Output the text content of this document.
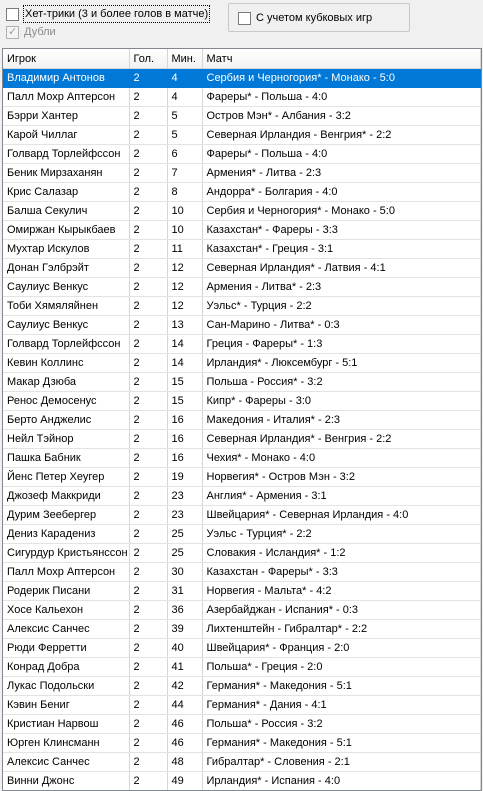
Хет-трики (3 и более голов в матче)
✓
Дубли
С учетом кубковых игр
Игрок	Гол.	Мин.	Матч
Владимир Антонов	2	4	Сербия и Черногория* - Монако - 5:0
Палл Мохр Аптерсон	2	4	Фареры* - Польша - 4:0
Бэрри Хантер	2	5	Остров Мэн* - Албания - 3:2
Карой Чиллаг	2	5	Северная Ирландия - Венгрия* - 2:2
Голвард Торлейфссон	2	6	Фареры* - Польша - 4:0
Беник Мирзаханян	2	7	Армения* - Литва - 2:3
Крис Салазар	2	8	Андорра* - Болгария - 4:0
Балша Секулич	2	10	Сербия и Черногория* - Монако - 5:0
Омиржан Кырыкбаев	2	10	Казахстан* - Фареры - 3:3
Мухтар Искулов	2	11	Казахстан* - Греция - 3:1
Донан Гэлбрэйт	2	12	Северная Ирландия* - Латвия - 4:1
Саулиус Венкус	2	12	Армения - Литва* - 2:3
Тоби Хямяляйнен	2	12	Уэльс* - Турция - 2:2
Саулиус Венкус	2	13	Сан-Марино - Литва* - 0:3
Голвард Торлейфссон	2	14	Греция - Фареры* - 1:3
Кевин Коллинс	2	14	Ирландия* - Люксембург - 5:1
Макар Дзюба	2	15	Польша - Россия* - 3:2
Ренос Демосенус	2	15	Кипр* - Фареры - 3:0
Берто Анджелис	2	16	Македония - Италия* - 2:3
Нейл Тэйнор	2	16	Северная Ирландия* - Венгрия - 2:2
Пашка Бабник	2	16	Чехия* - Монако - 4:0
Йенс Петер Хеугер	2	19	Норвегия* - Остров Мэн - 3:2
Джозеф Маккриди	2	23	Англия* - Армения - 3:1
Дурим Зеебергер	2	23	Швейцария* - Северная Ирландия - 4:0
Дениз Карадениз	2	25	Уэльс - Турция* - 2:2
Сигурдур Кристьянссон	2	25	Словакия - Исландия* - 1:2
Палл Мохр Аптерсон	2	30	Казахстан - Фареры* - 3:3
Родерик Писани	2	31	Норвегия - Мальта* - 4:2
Хосе Кальехон	2	36	Азербайджан - Испания* - 0:3
Алексис Санчес	2	39	Лихтенштейн - Гибралтар* - 2:2
Рюди Ферретти	2	40	Швейцария* - Франция - 2:0
Конрад Добра	2	41	Польша* - Греция - 2:0
Лукас Подольски	2	42	Германия* - Македония - 5:1
Кэвин Бениг	2	44	Германия* - Дания - 4:1
Кристиан Нарвош	2	46	Польша* - Россия - 3:2
Юрген Клинсманн	2	46	Германия* - Македония - 5:1
Алексис Санчес	2	48	Гибралтар* - Словения - 2:1
Винни Джонс	2	49	Ирландия* - Испания - 4:0
